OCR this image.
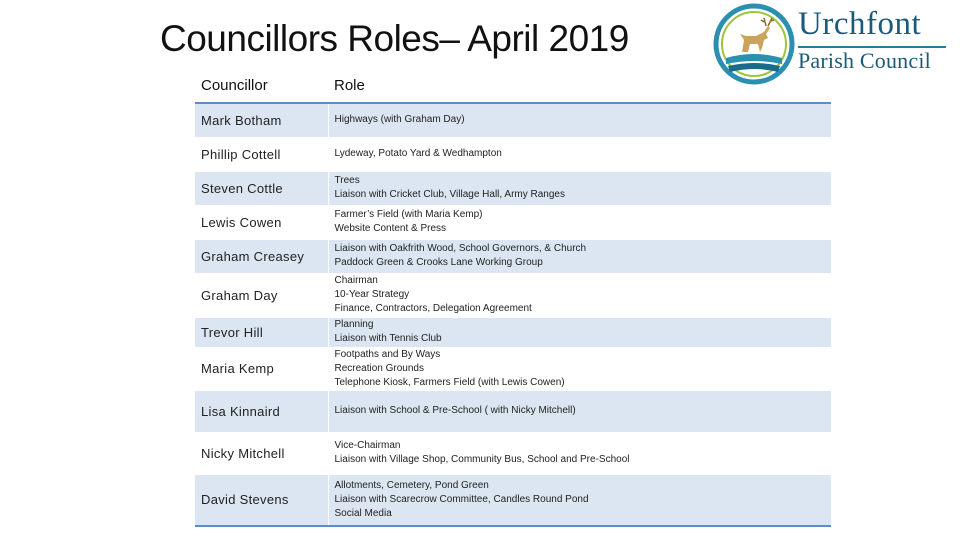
Councillors Roles– April 2019	Urchfont
Parish Council
Councillor	Role
Mark Botham	Highways (with Graham Day)

Phillip Cottell	Lydeway, Potato Yard & Wedhampton

Steven Cottle	Trees
Liaison with Cricket Club, Village Hall, Army Ranges

Lewis Cowen	Farmer’s Field (with Maria Kemp)
Website Content & Press

Graham Creasey	Liaison with Oakfrith Wood, School Governors, & Church
Paddock Green & Crooks Lane Working Group

Graham Day	Chairman
10-Year Strategy
Finance, Contractors, Delegation Agreement

Trevor Hill	Planning
Liaison with Tennis Club

Maria Kemp	Footpaths and By Ways
Recreation Grounds
Telephone Kiosk, Farmers Field (with Lewis Cowen)

Lisa Kinnaird	Liaison with School & Pre-School ( with Nicky Mitchell)

Nicky Mitchell	Vice-Chairman
Liaison with Village Shop, Community Bus, School and Pre-School

David Stevens	Allotments, Cemetery, Pond Green
Liaison with Scarecrow Committee, Candles Round Pond
Social Media
